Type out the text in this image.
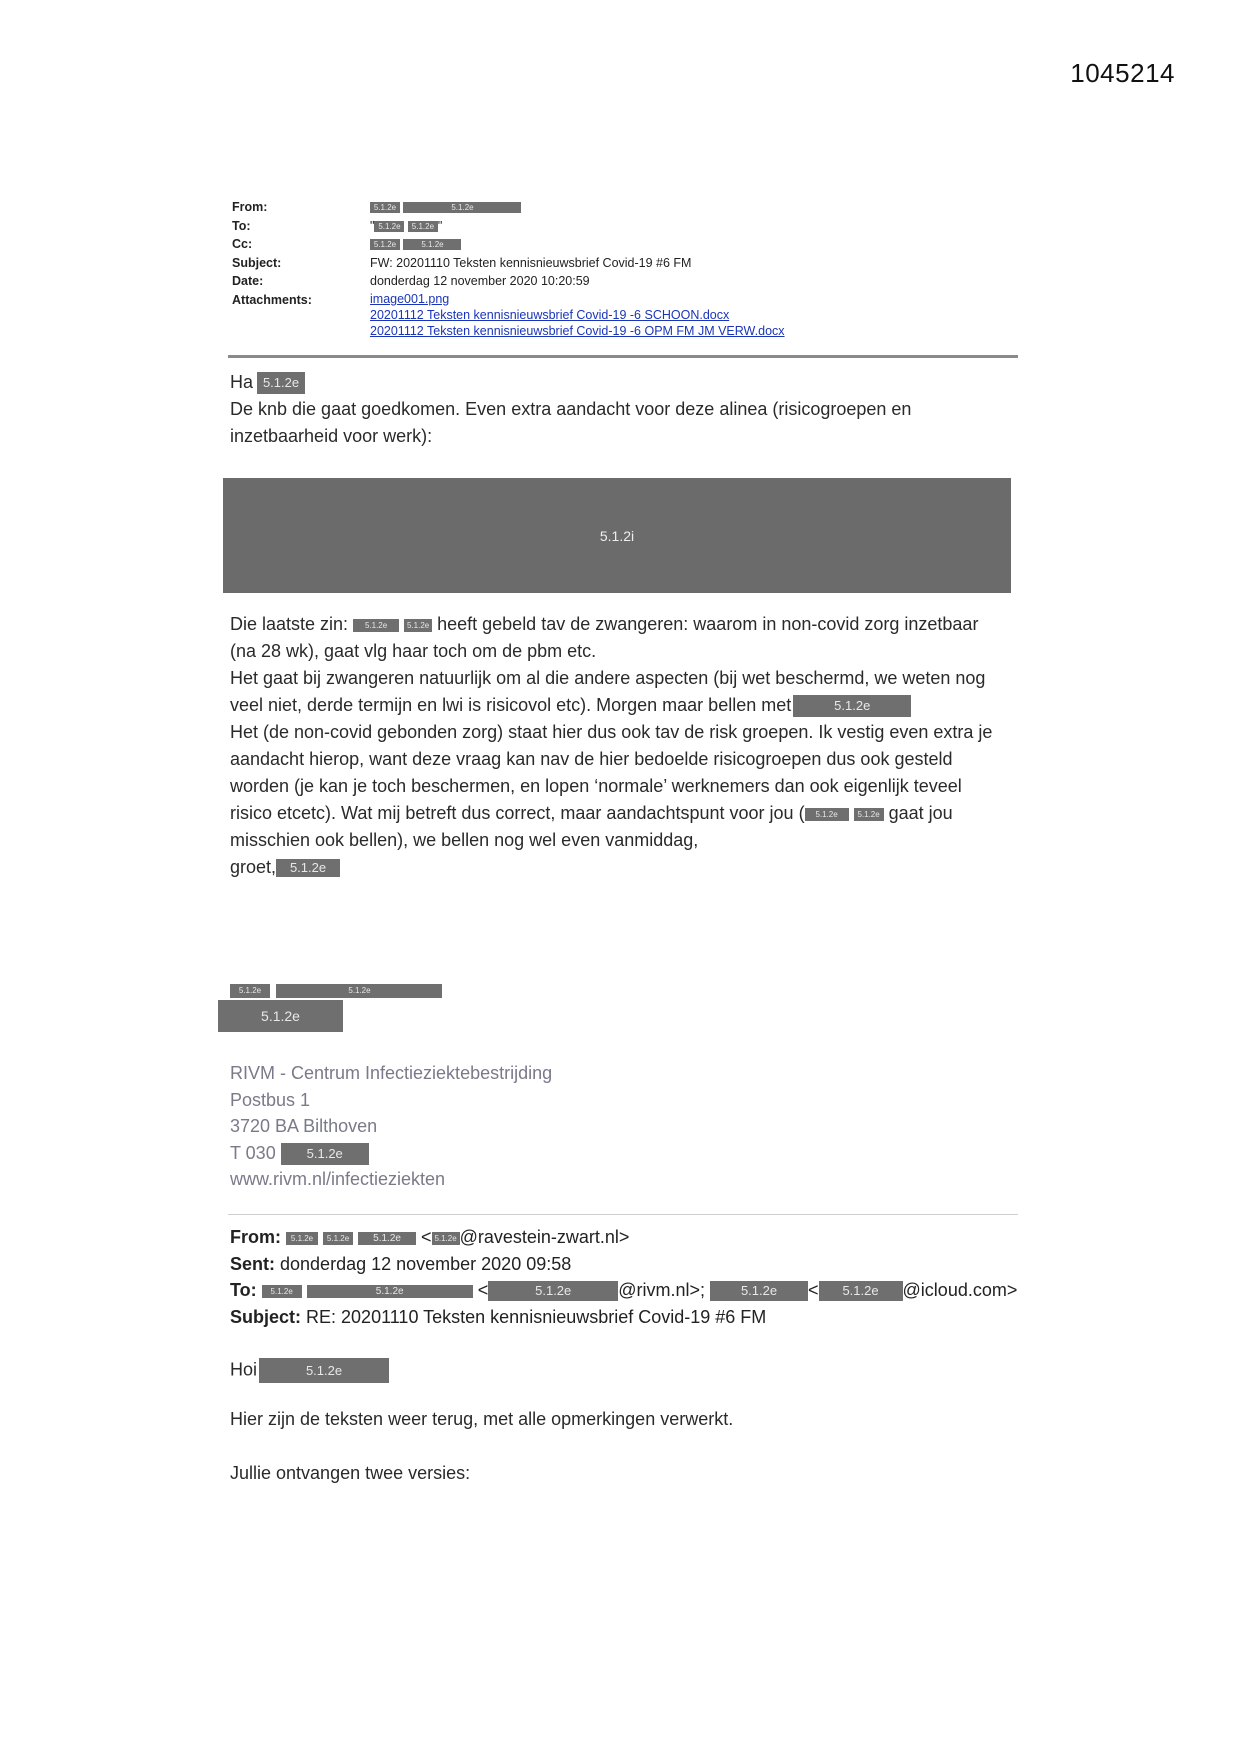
1045214
From:	5.1.2e	5.1.2e
To:	" 5.1.2e 5.1.2e "
Cc:	5.1.2e	5.1.2e
Subject:	FW: 20201110 Teksten kennisnieuwsbrief Covid-19 #6 FM
Date:	donderdag 12 november 2020 10:20:59
Attachments:	image001.png
20201112 Teksten kennisnieuwsbrief Covid-19 -6 SCHOON.docx
20201112 Teksten kennisnieuwsbrief Covid-19 -6 OPM FM JM VERW.docx

Ha 5.1.2e

De knb die gaat goedkomen. Even extra aandacht voor deze alinea (risicogroepen en

inzetbaarheid voor werk):

5.1.2i

Die laatste zin: 5.1.2e 5.1.2e heeft gebeld tav de zwangeren: waarom in non-covid zorg inzetbaar

(na 28 wk), gaat vlg haar toch om de pbm etc.

Het gaat bij zwangeren natuurlijk om al die andere aspecten (bij wet beschermd, we weten nog

veel niet, derde termijn en lwi is risicovol etc). Morgen maar bellen met	5.1.2e

Het (de non-covid gebonden zorg) staat hier dus ook tav de risk groepen. Ik vestig even extra je

aandacht hierop, want deze vraag kan nav de hier bedoelde risicogroepen dus ook gesteld

worden (je kan je toch beschermen, en lopen ‘normale’ werknemers dan ook eigenlijk teveel

risico etcetc). Wat mij betreft dus correct, maar aandachtspunt voor jou ( 5.1.2e 5.1.2e gaat jou

misschien ook bellen), we bellen nog wel even vanmiddag,

groet, 5.1.2e

5.1.2e	5.1.2e
5.1.2e
RIVM - Centrum Infectieziektebestrijding
Postbus 1
3720 BA Bilthoven
T 030 5.1.2e
www.rivm.nl/infectieziekten
From: 5.1.2e 5.1.2e 5.1.2e < 5.1.2e @ravestein-zwart.nl>
Sent: donderdag 12 november 2020 09:58
To: 5.1.2e	5.1.2e	<	5.1.2e	@rivm.nl>;	5.1.2e < 5.1.2e @icloud.com>
Subject: RE: 20201110 Teksten kennisnieuwsbrief Covid-19 #6 FM
Hoi	5.1.2e
Hier zijn de teksten weer terug, met alle opmerkingen verwerkt.
Jullie ontvangen twee versies:
